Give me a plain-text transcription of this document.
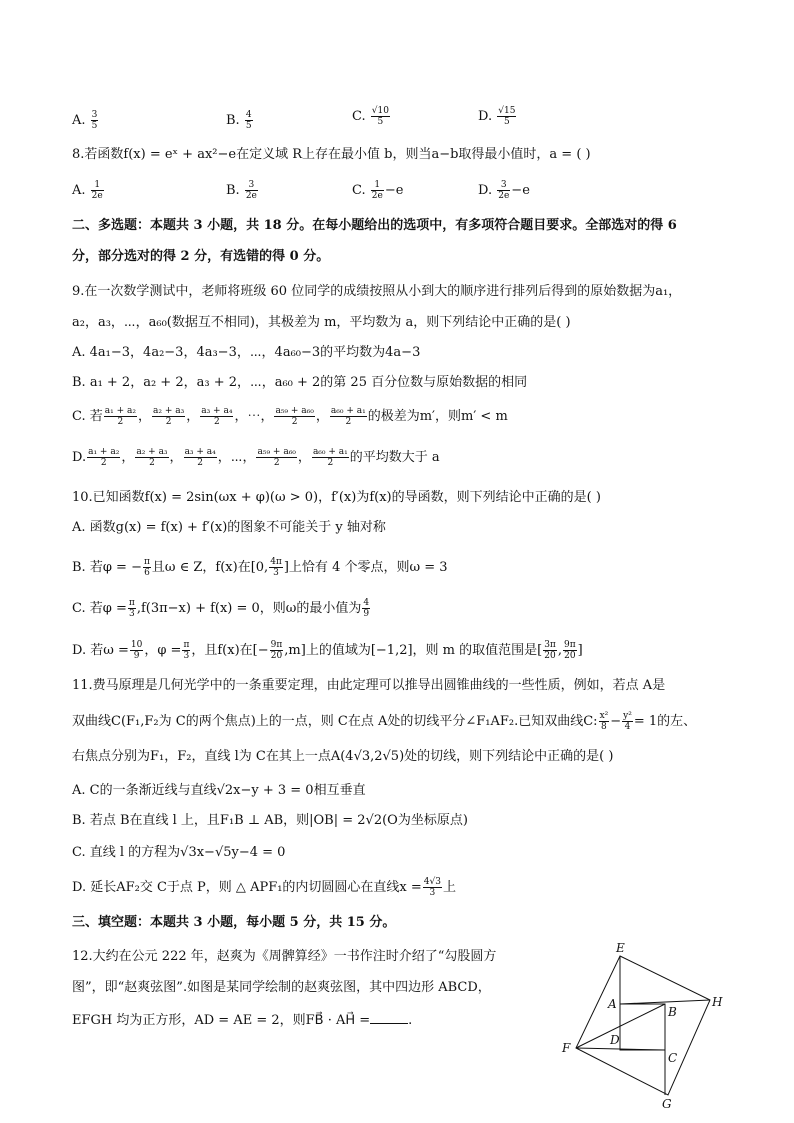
A. $\frac{3}{5}$	B. $\frac{4}{5}$	C. $\frac{√10}{5}$	D. $\frac{√15}{5}$
8.若函数f(x) = eˣ + ax²−e在定义域 R上存在最小值 b，则当a−b取得最小值时，a = ( )
A. $\frac{1}{2e}$	B. $\frac{3}{2e}$	C. $\frac{1}{2e} -e$	D. $\frac{3}{2e} -e$
二、多选题：本题共 3 小题，共 18 分。在每小题给出的选项中，有多项符合题目要求。全部选对的得 6
分，部分选对的得 2 分，有选错的得 0 分。
9.在一次数学测试中，老师将班级 60 位同学的成绩按照从小到大的顺序进行排列后得到的原始数据为a₁，
a₂，a₃，⋯，a₆₀(数据互不相同)，其极差为 m，平均数为 a，则下列结论中正确的是( )
A. 4a₁−3，4a₂−3，4a₃−3，⋯，4a₆₀−3的平均数为4a−3
B. a₁ + 2，a₂ + 2，a₃ + 2，⋯，a₆₀ + 2的第 25 百分位数与原始数据的相同
C. 若 $\frac{\text{a₁ + a₂}}{2}$ ， $\frac{\text{a₂ + a₃}}{2}$ ， $\frac{\text{a₃ + a₄}}{2}$ ，⋯， $\frac{\text{a₅₉ + a₆₀}}{2}$ ， $\frac{\text{a₆₀ + a₁}}{2}$ 的极差为m′，则m′ < m
D. $\frac{\text{a₁ + a₂}}{2}$ ， $\frac{\text{a₂ + a₃}}{2}$ ， $\frac{\text{a₃ + a₄}}{2}$ ，⋯， $\frac{\text{a₅₉ + a₆₀}}{2}$ ， $\frac{\text{a₆₀ + a₁}}{2}$ 的平均数大于 a
10.已知函数f(x) = 2sin(ωx + φ)(ω > 0)，f′(x)为f(x)的导函数，则下列结论中正确的是( )
A. 函数g(x) = f(x) + f′(x)的图象不可能关于 y 轴对称
B. 若φ = − $\frac{\pi}{6}$ 且ω ∈ Z，f(x)在[0, $\frac{4\pi}{3}$ ]上恰有 4 个零点，则ω = 3
C. 若$\varphi = \frac{\pi}{3} ,f(3\pi-x) + f(x) = 0$，则ω的最小值为 $\frac{4}{9}$
D. 若$\omega = \frac{10}{9}$ ，$\varphi = \frac{\pi}{3}$ ，且f(x)在[− $\frac{9\pi}{20} ,m$]上的值域为[−1,2]，则 m 的取值范围是[ $\frac{3\pi}{20}$ , $\frac{9\pi}{20}$ ]
11.费马原理是几何光学中的一条重要定理，由此定理可以推导出圆锥曲线的一些性质，例如，若点 A是
双曲线C(F₁,F₂为 C的两个焦点)上的一点，则 C在点 A处的切线平分∠F₁AF₂.已知双曲线C: $\frac{\text{x²}}{8} - \frac{\text{y²}}{4} = 1$的左、
右焦点分别为F₁，F₂，直线 l为 C在其上一点A(4√3,2√5)处的切线，则下列结论中正确的是( )
A. C的一条渐近线与直线√2x−y + 3 = 0相互垂直
B. 若点 B在直线 l 上，且F₁B ⊥ AB，则|OB| = 2√2(O为坐标原点)
C. 直线 l 的方程为√3x−√5y−4 = 0
D. 延长AF₂交 C于点 P，则 △ APF₁的内切圆圆心在直线$x = \frac{4√3}{3}$ 上
三、填空题：本题共 3 小题，每小题 5 分，共 15 分。
12.大约在公元 222 年，赵爽为《周髀算经》一书作注时介绍了“勾股圆方
图”，即“赵爽弦图”.如图是某同学绘制的赵爽弦图，其中四边形 ABCD，
EFGH 均为正方形，AD = AE = 2，则FB⃗ · AH⃗ =	.
E
F
G
H
A
B
C
D
